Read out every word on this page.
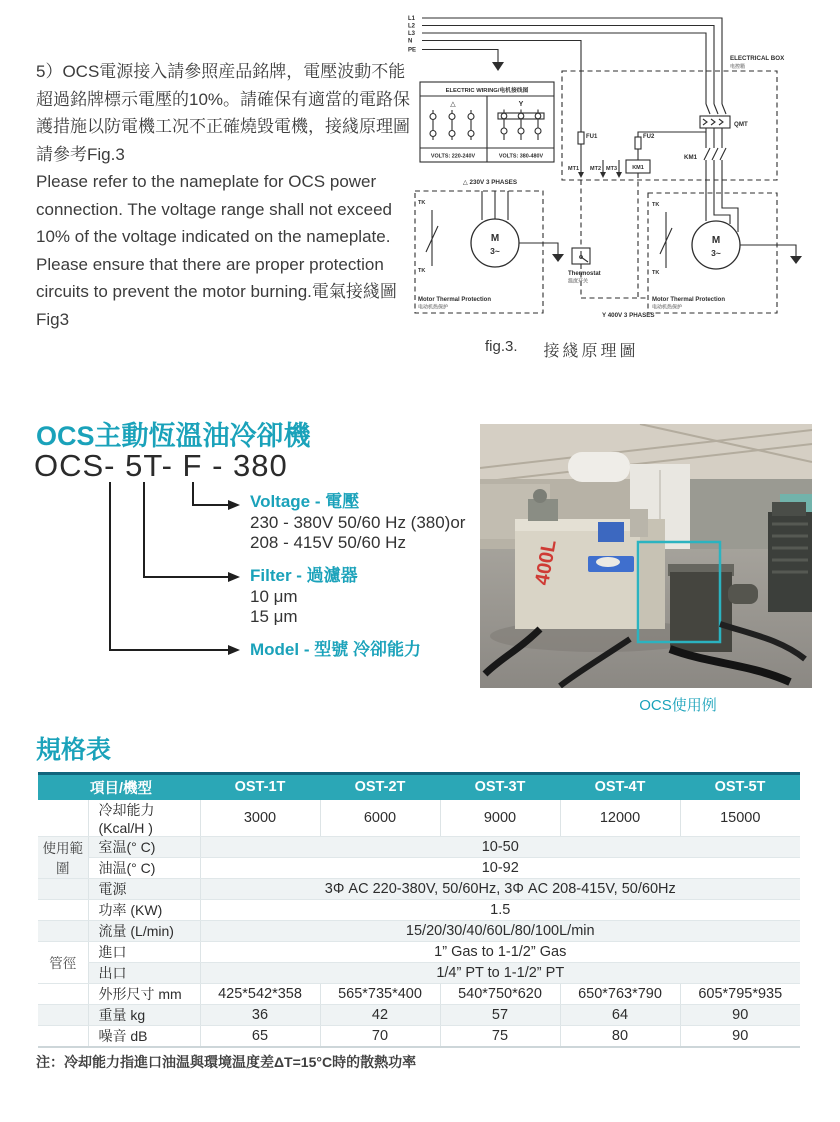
5）OCS電源接入請參照産品銘牌，電壓波動不能超過銘牌標示電壓的10%。請確保有適當的電路保護措施以防電機工况不正確燒毀電機，接綫原理圖請參考Fig.3

Please refer to the nameplate for OCS power connection. The voltage range shall not exceed 10% of the voltage indicated on the nameplate. Please ensure that there are proper protection circuits to prevent the motor burning.電氣接綫圖Fig3

L1
L2
L3
N
PE
ELECTRIC WIRING/电机接线图
△	Y
VOLTS: 220-240V	VOLTS: 380-480V
△ 230V 3 PHASES
ELECTRICAL BOX
电控箱
QMT
FU2
KM1
FU1
KM1
MT1 MT2 MT3
Thermostat
温度开关
TK
TK
M
3~
Motor Thermal Protection
电动机热保护
TK
TK
M
3~
Motor Thermal Protection
电动机热保护
Y 400V 3 PHASES
fig.3. 接綫原理圖
OCS主動恆溫油冷卻機
OCS- 5T- F - 380
Voltage - 電壓
230 - 380V 50/60 Hz (380)or
208 - 415V 50/60 Hz
Filter - 過濾器
10 μm
15 μm
Model - 型號 冷卻能力
400L
OCS使用例
規格表
項目/機型		OST-1T	OST-2T	OST-3T	OST-4T	OST-5T
	冷却能力(Kcal/H )	3000	6000	9000	12000	15000
使用範圍	室温(° C)	10-50				
	油温(° C)	10-92				
	電源	3Φ AC 220-380V, 50/60Hz, 3Φ AC 208-415V, 50/60Hz				
	功率 (KW)	1.5				
	流量 (L/min)	15/20/30/40/60L/80/100L/min				
管徑	進口	1” Gas to 1-1/2” Gas				
	出口	1/4” PT to 1-1/2” PT				
	外形尺寸 mm	425*542*358	565*735*400	540*750*620	650*763*790	605*795*935
	重量 kg	36	42	57	64	90
	噪音 dB	65	70	75	80	90
注：冷却能力指進口油温與環境温度差ΔT=15°C時的散熱功率
